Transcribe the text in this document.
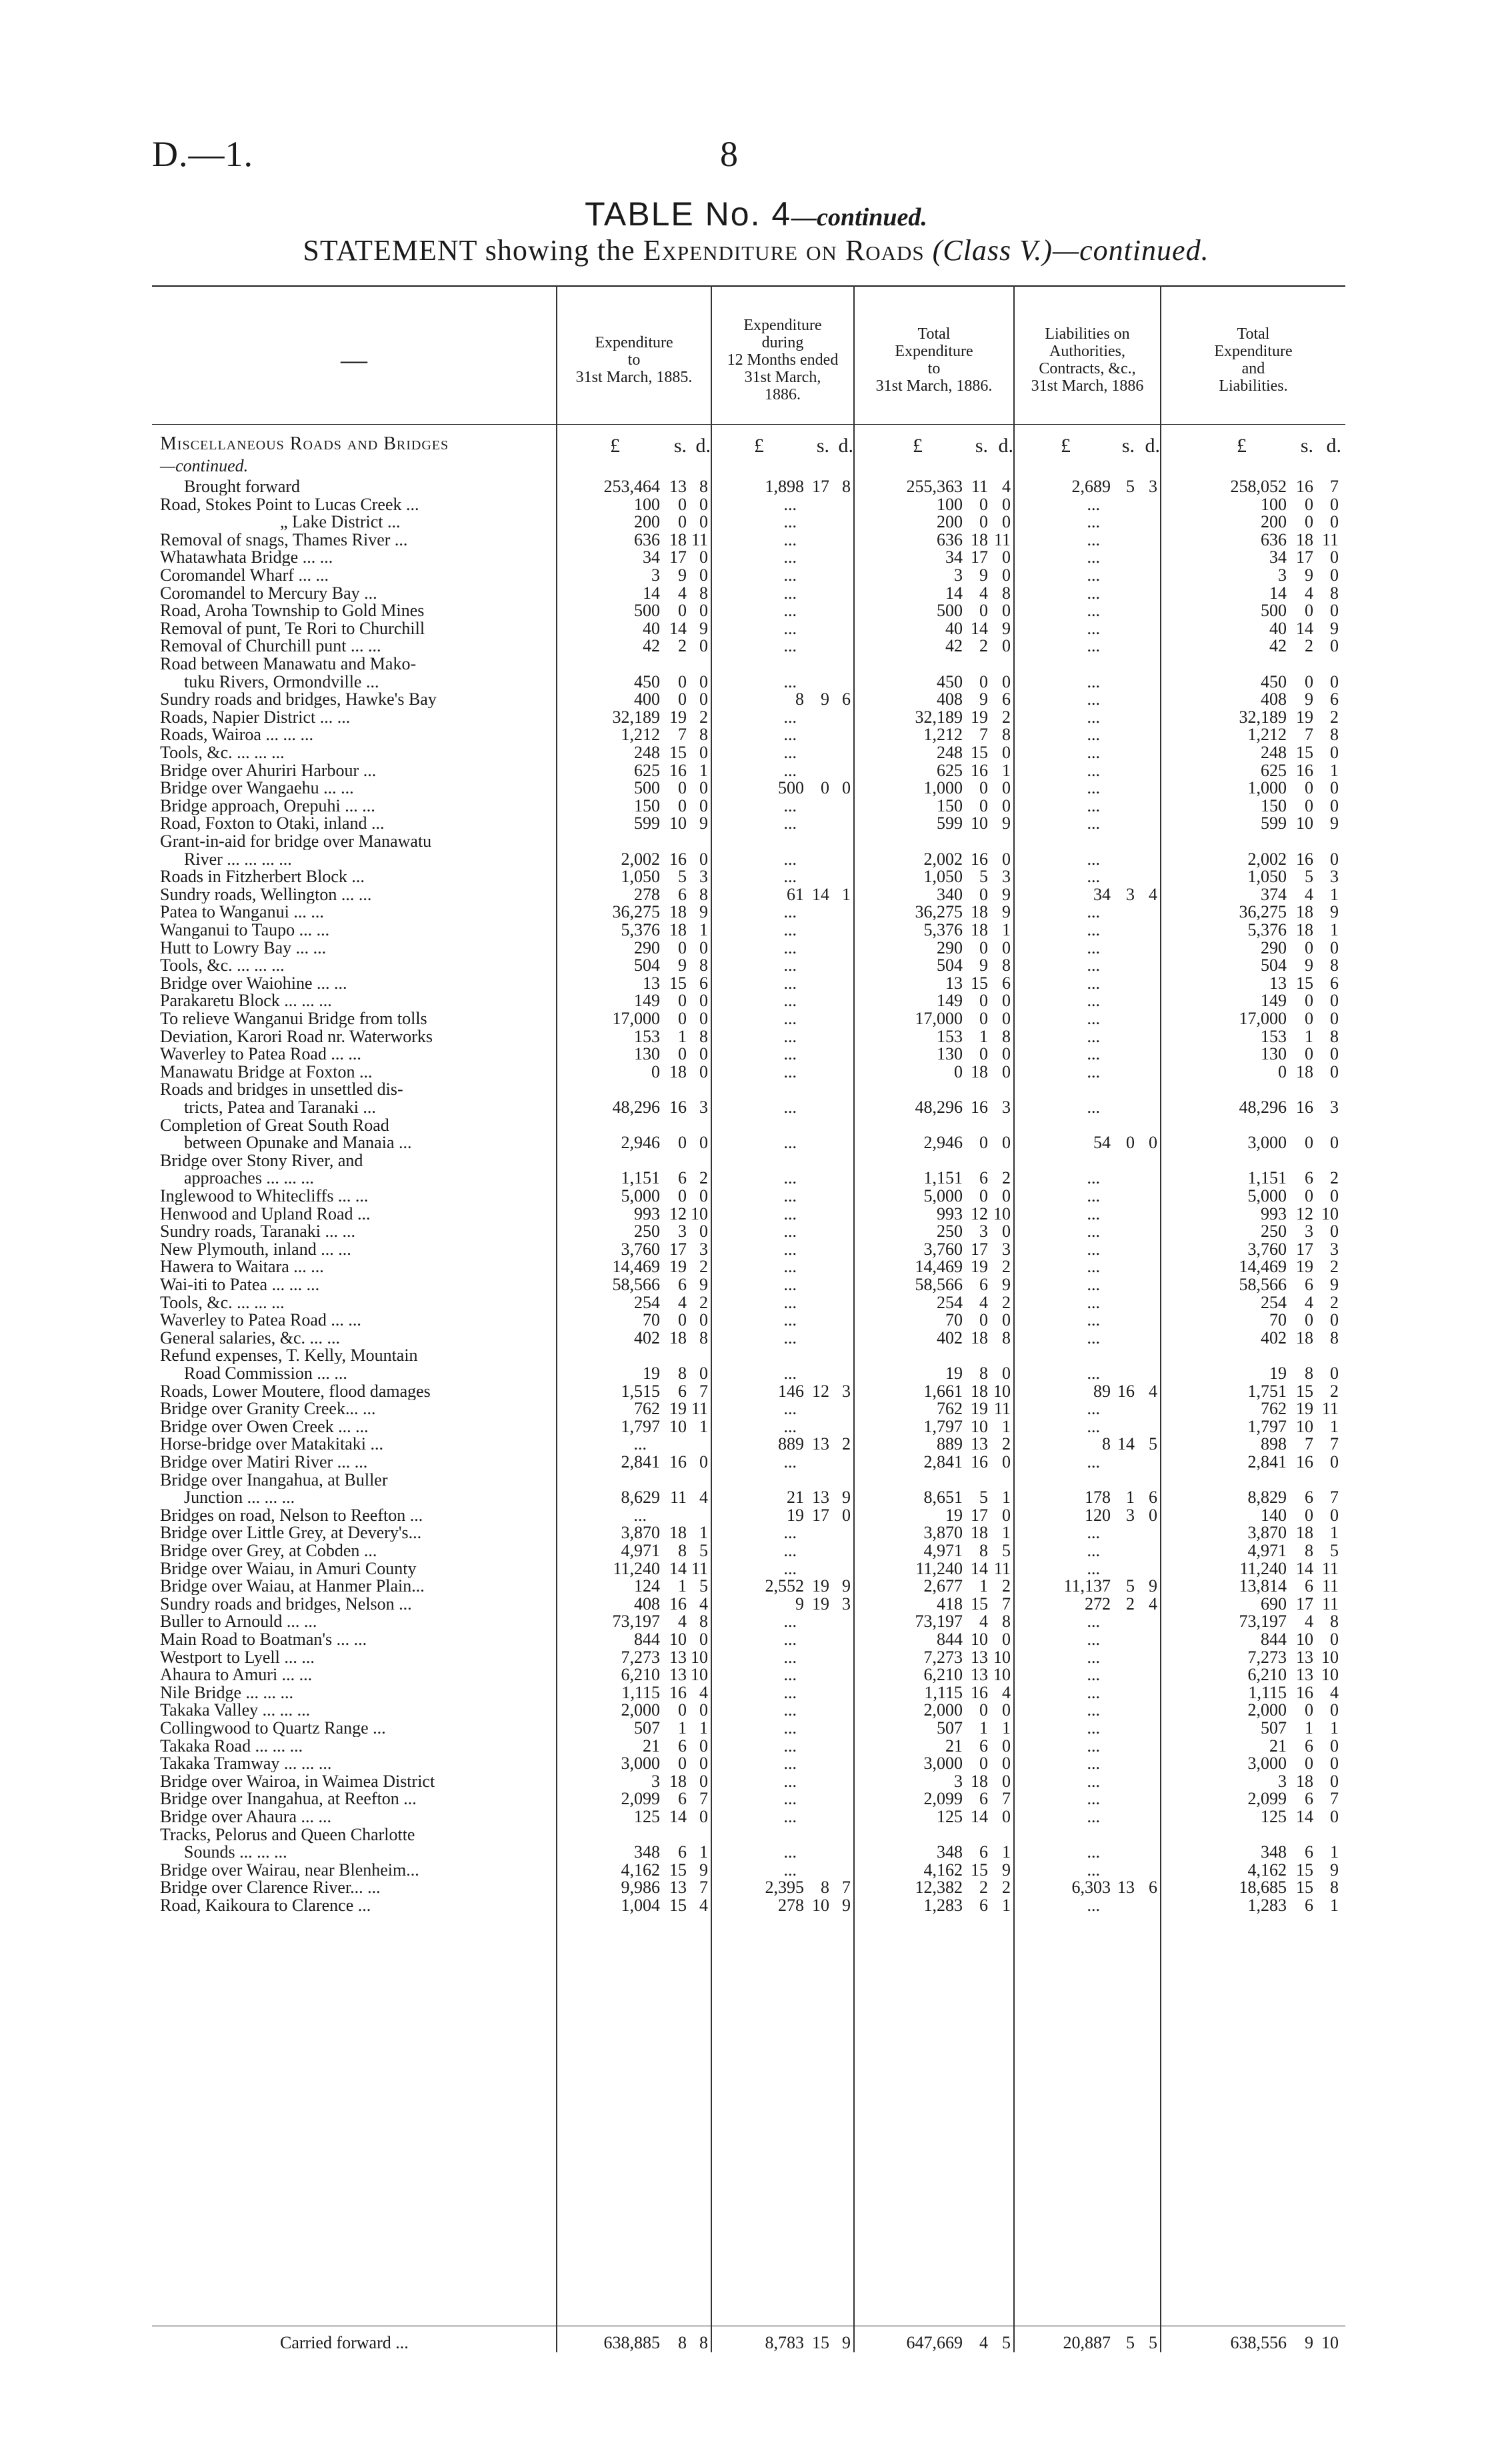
D.—1.	8
TABLE No. 4—continued.
STATEMENT showing the Expenditure on Roads (Class V.)—continued.
—
Expenditure
to
31st March, 1885.
Expenditure
during
12 Months ended
31st March,
1886.
Total
Expenditure
to
31st March, 1886.
Liabilities on
Authorities,
Contracts, &c.,
31st March, 1886
Total
Expenditure
and
Liabilities.
Miscellaneous Roads and Bridges
—continued.
£	s. d. £	s. d.	£	s. d. £	s. d.	£	s. d.
Brought forward	253,464 13 8	1,898 17 8	255,363 11 4	2,689 5 3	258,052 16 7
Road, Stokes Point to Lucas Creek ...	100 0 0	...	100 0 0	...	100 0 0
„ Lake District ...	200 0 0	...	200 0 0	...	200 0 0
Removal of snags, Thames River ...	636 18 11	...	636 18 11	...	636 18 11
Whatawhata Bridge ... ...	34 17 0	...	34 17 0	...	34 17 0
Coromandel Wharf ... ...	3 9 0	...	3 9 0	...	3 9 0
Coromandel to Mercury Bay ...	14 4 8	...	14 4 8	...	14 4 8
Road, Aroha Township to Gold Mines	500 0 0	...	500 0 0	...	500 0 0
Removal of punt, Te Rori to Churchill	40 14 9	...	40 14 9	...	40 14 9
Removal of Churchill punt ... ...	42 2 0	...	42 2 0	...	42 2 0
Road between Manawatu and Mako-
tuku Rivers, Ormondville ...	450 0 0	...	450 0 0	...	450 0 0
Sundry roads and bridges, Hawke's Bay	400 0 0	8 9 6	408 9 6	...	408 9 6
Roads, Napier District ... ...	32,189 19 2	...	32,189 19 2	...	32,189 19 2
Roads, Wairoa ... ... ...	1,212 7 8	...	1,212 7 8	...	1,212 7 8
Tools, &c. ... ... ...	248 15 0	...	248 15 0	...	248 15 0
Bridge over Ahuriri Harbour ...	625 16 1	...	625 16 1	...	625 16 1
Bridge over Wangaehu ... ...	500 0 0	500 0 0	1,000 0 0	...	1,000 0 0
Bridge approach, Orepuhi ... ...	150 0 0	...	150 0 0	...	150 0 0
Road, Foxton to Otaki, inland ...	599 10 9	...	599 10 9	...	599 10 9
Grant-in-aid for bridge over Manawatu
River ... ... ... ...	2,002 16 0	...	2,002 16 0	...	2,002 16 0
Roads in Fitzherbert Block ...	1,050 5 3	...	1,050 5 3	...	1,050 5 3
Sundry roads, Wellington ... ...	278 6 8	61 14 1	340 0 9	34 3 4	374 4 1
Patea to Wanganui ... ...	36,275 18 9	...	36,275 18 9	...	36,275 18 9
Wanganui to Taupo ... ...	5,376 18 1	...	5,376 18 1	...	5,376 18 1
Hutt to Lowry Bay ... ...	290 0 0	...	290 0 0	...	290 0 0
Tools, &c. ... ... ...	504 9 8	...	504 9 8	...	504 9 8
Bridge over Waiohine ... ...	13 15 6	...	13 15 6	...	13 15 6
Parakaretu Block ... ... ...	149 0 0	...	149 0 0	...	149 0 0
To relieve Wanganui Bridge from tolls	17,000 0 0	...	17,000 0 0	...	17,000 0 0
Deviation, Karori Road nr. Waterworks	153 1 8	...	153 1 8	...	153 1 8
Waverley to Patea Road ... ...	130 0 0	...	130 0 0	...	130 0 0
Manawatu Bridge at Foxton ...	0 18 0	...	0 18 0	...	0 18 0
Roads and bridges in unsettled dis-
tricts, Patea and Taranaki ...	48,296 16 3	...	48,296 16 3	...	48,296 16 3
Completion of Great South Road
between Opunake and Manaia ...	2,946 0 0	...	2,946 0 0	54 0 0	3,000 0 0
Bridge over Stony River, and
approaches ... ... ...	1,151 6 2	...	1,151 6 2	...	1,151 6 2
Inglewood to Whitecliffs ... ...	5,000 0 0	...	5,000 0 0	...	5,000 0 0
Henwood and Upland Road ...	993 12 10	...	993 12 10	...	993 12 10
Sundry roads, Taranaki ... ...	250 3 0	...	250 3 0	...	250 3 0
New Plymouth, inland ... ...	3,760 17 3	...	3,760 17 3	...	3,760 17 3
Hawera to Waitara ... ...	14,469 19 2	...	14,469 19 2	...	14,469 19 2
Wai-iti to Patea ... ... ...	58,566 6 9	...	58,566 6 9	...	58,566 6 9
Tools, &c. ... ... ...	254 4 2	...	254 4 2	...	254 4 2
Waverley to Patea Road ... ...	70 0 0	...	70 0 0	...	70 0 0
General salaries, &c. ... ...	402 18 8	...	402 18 8	...	402 18 8
Refund expenses, T. Kelly, Mountain
Road Commission ... ...	19 8 0	...	19 8 0	...	19 8 0
Roads, Lower Moutere, flood damages	1,515 6 7	146 12 3	1,661 18 10	89 16 4	1,751 15 2
Bridge over Granity Creek... ...	762 19 11	...	762 19 11	...	762 19 11
Bridge over Owen Creek ... ...	1,797 10 1	...	1,797 10 1	...	1,797 10 1
Horse-bridge over Matakitaki ...	...	889 13 2	889 13 2	8 14 5	898 7 7
Bridge over Matiri River ... ...	2,841 16 0	...	2,841 16 0	...	2,841 16 0
Bridge over Inangahua, at Buller
Junction ... ... ...	8,629 11 4	21 13 9	8,651 5 1	178 1 6	8,829 6 7
Bridges on road, Nelson to Reefton ...	...	19 17 0	19 17 0	120 3 0	140 0 0
Bridge over Little Grey, at Devery's...	3,870 18 1	...	3,870 18 1	...	3,870 18 1
Bridge over Grey, at Cobden ...	4,971 8 5	...	4,971 8 5	...	4,971 8 5
Bridge over Waiau, in Amuri County	11,240 14 11	...	11,240 14 11	...	11,240 14 11
Bridge over Waiau, at Hanmer Plain...	124 1 5	2,552 19 9	2,677 1 2	11,137 5 9	13,814 6 11
Sundry roads and bridges, Nelson ...	408 16 4	9 19 3	418 15 7	272 2 4	690 17 11
Buller to Arnould ... ...	73,197 4 8	...	73,197 4 8	...	73,197 4 8
Main Road to Boatman's ... ...	844 10 0	...	844 10 0	...	844 10 0
Westport to Lyell ... ...	7,273 13 10	...	7,273 13 10	...	7,273 13 10
Ahaura to Amuri ... ...	6,210 13 10	...	6,210 13 10	...	6,210 13 10
Nile Bridge ... ... ...	1,115 16 4	...	1,115 16 4	...	1,115 16 4
Takaka Valley ... ... ...	2,000 0 0	...	2,000 0 0	...	2,000 0 0
Collingwood to Quartz Range ...	507 1 1	...	507 1 1	...	507 1 1
Takaka Road ... ... ...	21 6 0	...	21 6 0	...	21 6 0
Takaka Tramway ... ... ...	3,000 0 0	...	3,000 0 0	...	3,000 0 0
Bridge over Wairoa, in Waimea District	3 18 0	...	3 18 0	...	3 18 0
Bridge over Inangahua, at Reefton ...	2,099 6 7	...	2,099 6 7	...	2,099 6 7
Bridge over Ahaura ... ...	125 14 0	...	125 14 0	...	125 14 0
Tracks, Pelorus and Queen Charlotte
Sounds ... ... ...	348 6 1	...	348 6 1	...	348 6 1
Bridge over Wairau, near Blenheim...	4,162 15 9	...	4,162 15 9	...	4,162 15 9
Bridge over Clarence River... ...	9,986 13 7	2,395 8 7	12,382 2 2	6,303 13 6	18,685 15 8
Road, Kaikoura to Clarence ...	1,004 15 4	278 10 9	1,283 6 1	...	1,283 6 1
Carried forward ...	638,885 8 8	8,783 15 9	647,669 4 5	20,887 5 5	638,556 9 10
